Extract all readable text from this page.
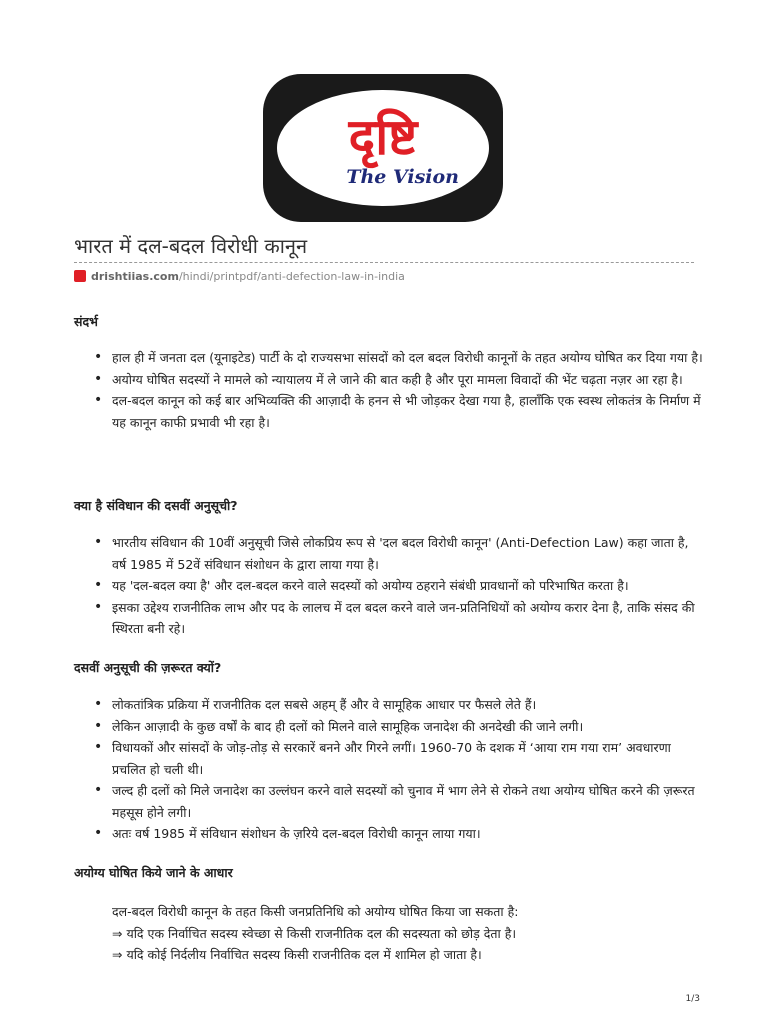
दृष्टि
The Vision
भारत में दल-बदल विरोधी कानून
drishtiias.com/hindi/printpdf/anti-defection-law-in-india
संदर्भ
• हाल ही में जनता दल (यूनाइटेड) पार्टी के दो राज्यसभा सांसदों को दल बदल विरोधी कानूनों के तहत अयोग्य घोषित कर दिया गया है।
• अयोग्य घोषित सदस्यों ने मामले को न्यायालय में ले जाने की बात कही है और पूरा मामला विवादों की भेंट चढ़ता नज़र आ रहा है।
• दल-बदल कानून को कई बार अभिव्यक्ति की आज़ादी के हनन से भी जोड़कर देखा गया है, हालाँकि एक स्वस्थ लोकतंत्र के निर्माण में यह कानून काफी प्रभावी भी रहा है।
क्या है संविधान की दसवीं अनुसूची?
• भारतीय संविधान की 10वीं अनुसूची जिसे लोकप्रिय रूप से 'दल बदल विरोधी कानून' (Anti-Defection Law) कहा जाता है, वर्ष 1985 में 52वें संविधान संशोधन के द्वारा लाया गया है।
• यह 'दल-बदल क्या है' और दल-बदल करने वाले सदस्यों को अयोग्य ठहराने संबंधी प्रावधानों को परिभाषित करता है।
• इसका उद्देश्य राजनीतिक लाभ और पद के लालच में दल बदल करने वाले जन-प्रतिनिधियों को अयोग्य करार देना है, ताकि संसद की स्थिरता बनी रहे।
दसवीं अनुसूची की ज़रूरत क्यों?
• लोकतांत्रिक प्रक्रिया में राजनीतिक दल सबसे अहम् हैं और वे सामूहिक आधार पर फैसले लेते हैं।
• लेकिन आज़ादी के कुछ वर्षों के बाद ही दलों को मिलने वाले सामूहिक जनादेश की अनदेखी की जाने लगी।
• विधायकों और सांसदों के जोड़-तोड़ से सरकारें बनने और गिरने लगीं। 1960-70 के दशक में ‘आया राम गया राम’ अवधारणा प्रचलित हो चली थी।
• जल्द ही दलों को मिले जनादेश का उल्लंघन करने वाले सदस्यों को चुनाव में भाग लेने से रोकने तथा अयोग्य घोषित करने की ज़रूरत महसूस होने लगी।
• अतः वर्ष 1985 में संविधान संशोधन के ज़रिये दल-बदल विरोधी कानून लाया गया।
अयोग्य घोषित किये जाने के आधार
दल-बदल विरोधी कानून के तहत किसी जनप्रतिनिधि को अयोग्य घोषित किया जा सकता है:
⇒ यदि एक निर्वाचित सदस्य स्वेच्छा से किसी राजनीतिक दल की सदस्यता को छोड़ देता है।
⇒ यदि कोई निर्दलीय निर्वाचित सदस्य किसी राजनीतिक दल में शामिल हो जाता है।
1/3
